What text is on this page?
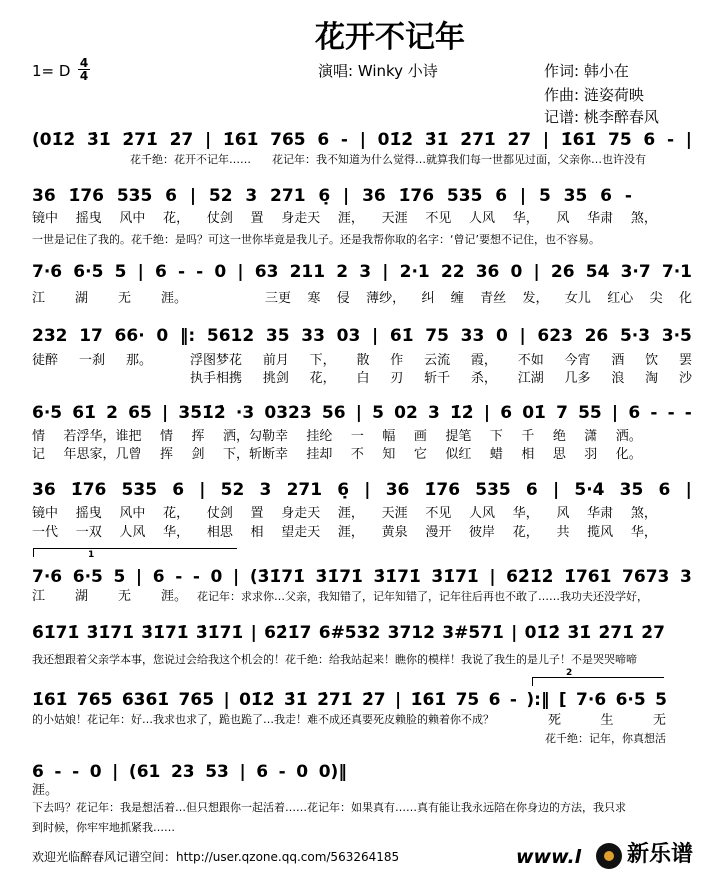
花开不记年
1= D 4
4	演唱: Winky 小诗	作词: 韩小在
作曲: 涟姿荷映
记谱: 桃李醉春风
(01̇2̇ 3̇1̇ 2̇71̇ 2̇7 | 1̇61̇ 765 6 - | 01̇2̇ 3̇1̇ 2̇71̇ 2̇7 | 1̇61̇ 75 6 - |
花千绝：花开不记年……	花记年：我不知道为什么觉得…就算我们每一世都见过面，父亲你…也许没有
36 1̇76 535 6 | 52 3 271 6̣ | 36 1̇76 535 6 | 5 35 6 -
镜中 摇曳 风中 花， 仗剑 置 身走天 涯， 天涯 不见 人风 华， 风 华肃 煞，
一世是记住了我的。花千绝：是吗？可这一世你毕竟是我儿子。还是我帮你取的名字：‘曾记’要想不记住，也不容易。
7·6 6·5 5 | 6 - - 0 | 63 211 2 3 | 2·1 22 36 0 | 26 54 3·7 7·1
江 湖 无 涯。	三更 寒 侵 薄纱， 纠 缠 青丝 发， 女儿 红心 尖 化
232 17 66· 0 ‖: 5612 35 33 03 | 61̇ 75 33 0 | 623 26 5·3 3·5
徒醉 一刹 那。	浮图梦花 前月 下， 散 作 云流 霞， 不如 今宵 酒 饮 罢
执手相携 挑剑 花， 白 刃 斩千 杀， 江湖 几多 浪 淘 沙
6·5 61̇ 2 65 | 351̇2̇ ·3 0323 56 | 5 02 3 1̇2̇ | 6 01̇ 7 55 | 6 - - -
情 若浮华，谁把 情 挥 洒，勾勒幸 挂纶 一 幅 画 提笔 下 千 绝 潇 洒。
记 年思家，几曾 挥 剑 下，斩断幸 挂却 不 知 它 似红 蜡 相 思 羽 化。
36 1̇76 535 6 | 52 3 271 6̣ | 36 1̇76 535 6 | 5·4 35 6 |
镜中 摇曳 风中 花， 仗剑 置 身走天 涯， 天涯 不见 人风 华， 风 华肃 煞，
一代 一双 人风 华， 相思 相 望走天 涯， 黄泉 漫开 彼岸 花， 共 揽风 华，
1
7·6 6·5 5 | 6 - - 0 | (3̇1̇71̇ 3̇1̇71̇ 3̇1̇71̇ 3̇1̇71̇ | 62̇1̇2̇ 1̇761̇ 7673 3
江 湖 无 涯。 花记年：求求你…父亲，我知错了，记年知错了，记年往后再也不敢了……我功夫还没学好，
6̇1̇71̇ 3̇1̇71̇ 3̇1̇71̇ 3̇1̇71̇ | 62̇1̇7 6#532 3712 3#571̇ | 01̇2̇ 3̇1̇ 2̇71̇ 2̇7
我还想跟着父亲学本事，您说过会给我这个机会的！花千绝：给我站起来！瞧你的模样！我说了我生的是儿子！不是哭哭啼啼
2
1̇61̇ 765 6361̇ 765 | 01̇2̇ 3̇1̇ 2̇71̇ 2̇7 | 1̇61̇ 75 6 - ):‖ [ 7·6 6·5 5
的小姑娘！花记年：好…我求也求了，跪也跪了…我走！难不成还真要死皮赖脸的赖着你不成？	死	生	无
花千绝：记年，你真想活
6 - - 0 | (61 23 53 | 6 - 0 0)‖
涯。
下去吗？花记年：我是想活着…但只想跟你一起活着……花记年：如果真有……真有能让我永远陪在你身边的方法，我只求
到时候，你牢牢地抓紧我……
欢迎光临醉春风记谱空间：http://user.qzone.qq.com/563264185	www.l 新乐谱
